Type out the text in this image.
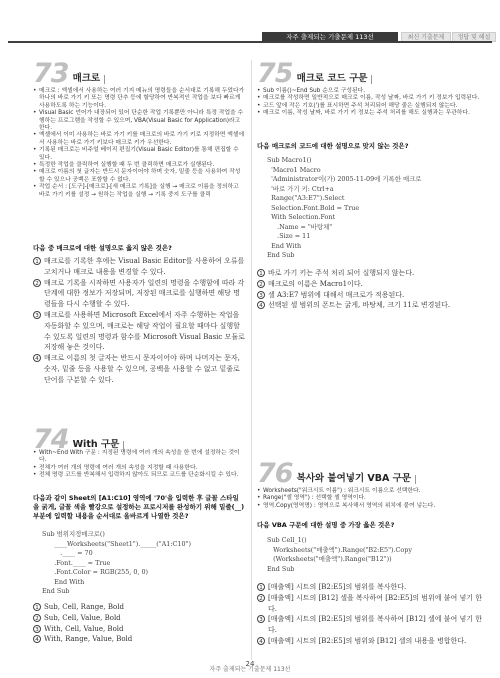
자주 출제되는 기출문제 113선	최신 기출문제	정답 및 해설
73 매크로
• 매크로 : 엑셀에서 사용하는 여러 기지 메뉴의 명령들을 순서대로 기록해 두었다가 하나의 바로 가기 키 또는 명령 단추 등에 할당하여 반복적인 작업을 보다 빠르게 사용하도록 하는 기능이다.
• Visual Basic 언어가 내장되어 있어 단순한 작업 기록뿐만 아니라 특정 작업을 수행하는 프로그램을 작성할 수 있으며, VBA(Visual Basic for Application)라고 한다.
• 엑셀에서 이미 사용하는 바로 가기 키를 매크로의 바로 가기 키로 지정하면 엑셀에서 사용하는 바로 가기 키보다 매크로 키가 우선한다.
• 기록된 매크로는 비주얼 베이직 편집기(Visual Basic Editor)를 통해 편집할 수 있다.
• 특정한 작업을 클릭하여 실행할 때 두 번 클릭하면 매크로가 실행된다.
• 매크로 이름의 첫 글자는 반드시 문자이어야 하며 숫자, 밑줄 등을 사용하여 작성할 수 있으나 공백은 포함할 수 없다.
• 작업 순서 : [도구]-[매크로]-[새 매크로 기록]을 실행 → 매크로 이름을 정의하고 바로 가기 키를 설정 → 원하는 작업을 실행 → 기록 중지 도구를 클릭
다음 중 매크로에 대한 설명으로 옳지 않은 것은?
1 매크로를 기록한 후에는 Visual Basic Editor를 사용하여 오류를 고치거나 매크로 내용을 변경할 수 있다.
2 매크로 기록을 시작하면 사용자가 일련의 명령을 수행함에 따라 각 단계에 대한 정보가 저장되며, 저장된 매크로를 실행하면 해당 명령들을 다시 수행할 수 있다.
3 매크로를 사용하면 Microsoft Excel에서 자주 수행하는 작업을 자동화할 수 있으며, 매크로는 해당 작업이 필요할 때마다 실행할 수 있도록 일련의 명령과 함수를 Microsoft Visual Basic 모듈로 저장해 놓은 것이다.
4 매크로 이름의 첫 글자는 반드시 문자이어야 하며 나머지는 문자, 숫자, 밑줄 등을 사용할 수 있으며, 공백을 사용할 수 없고 밑줄로 단어를 구분할 수 있다.
74 With 구문
• With~End With 구문 : 지정된 명령에 여러 개의 속성을 한 번에 설정하는 것이다.
• 전체가 여러 개의 명령에 여러 개의 속성을 지정할 때 사용한다.
• 전체 명령 코드를 반복해서 입력하지 않아도 되므로 코드를 단순화시킬 수 있다.
다음과 같이 Sheet의 [A1:C10] 영역에 '70'을 입력한 후 글꼴 스타일을 굵게, 글꼴 색을 빨강으로 설정하는 프로시저를 완성하기 위해 밑줄(__) 부분에 입력할 내용을 순서대로 올바르게 나열한 것은?
Sub 범위지정매크로()
____Worksheets("Sheet1")._____("A1:C10")
.____ = 70
.Font.____ = True
.Font.Color = RGB(255, 0, 0)
End With
End Sub
1 Sub, Cell, Range, Bold
2 Sub, Cell, Value, Bold
3 With, Cell, Value, Bold
4 With, Range, Value, Bold
75 매크로 코드 구문
• Sub 이름()~End Sub 순으로 구성된다.
• 매크로를 작성하면 일반적으로 매크로 이름, 작성 날짜, 바로 가기 키 정보가 입력된다.
• 코드 앞에 작은 기호(')를 표시하면 주석 처리되어 해당 줄은 실행되지 않는다.
• 매크로 이름, 작성 날짜, 바로 가기 키 정보는 주석 처리를 해도 실행과는 무관하다.
다음 매크로의 코드에 대한 설명으로 맞지 않는 것은?
Sub Macro1()
'Macro1 Macro
'Administrator이(가) 2005-11-09에 기록한 매크로
'바로 가기 키: Ctrl+a
Range("A3:E7").Select
Selection.Font.Bold = True
With Selection.Font
.Name = "바탕체"
.Size = 11
End With
End Sub
1 바로 가기 키는 주석 처리 되어 실행되지 않는다.
2 매크로의 이름은 Macro1이다.
3 셀 A3:E7 범위에 대해서 매크로가 적용된다.
4 선택된 셀 범위의 폰트는 굵게, 바탕체, 크기 11로 변경된다.
76 복사와 붙여넣기 VBA 구문
• Worksheets("워크시트 이름") : 워크시트 이름으로 선택한다.
• Range("셀 영역") : 선택할 셀 영역이다.
• 영역.Copy(영역명) : 영역으로 복사해서 영역의 위치에 붙여 넣는다.
다음 VBA 구문에 대한 설명 중 가장 옳은 것은?
Sub Cell_1()
Worksheets("매출액").Range("B2:E5").Copy
(Worksheets("매출액").Range("B12"))
End Sub
1 [매출액] 시트의 [B2:E5]의 범위를 복사한다.
2 [매출액] 시트의 [B12] 셀을 복사하여 [B2:E5]의 범위에 붙여 넣기 한다.
3 [매출액] 시트의 [B2:E5]의 범위를 복사하여 [B12] 셀에 붙여 넣기 한다.
4 [매출액] 시트의 [B2:E5]의 범위와 [B12] 셀의 내용을 병합한다.
24
자주 출제되는 기출문제 113선
